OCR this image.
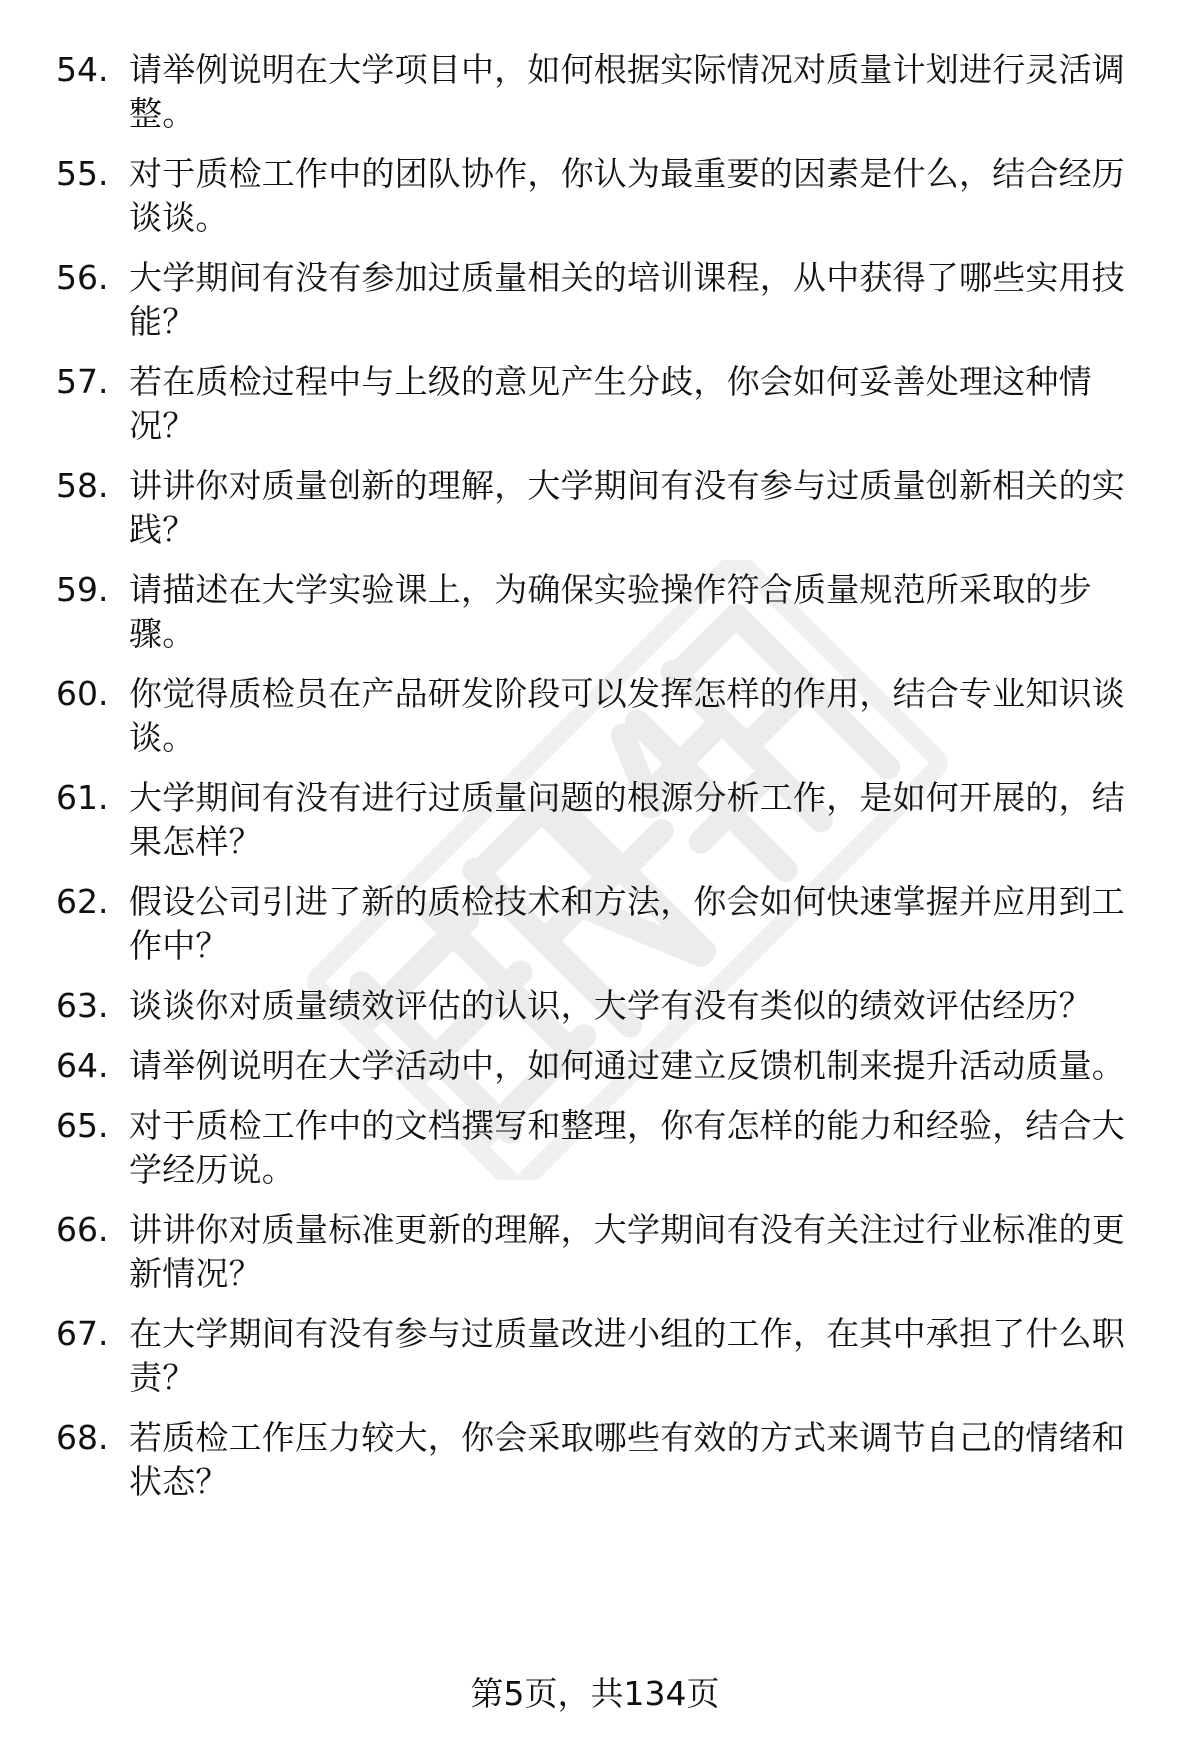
54. 请举例说明在大学项目中，如何根据实际情况对质量计划进行灵活调整。
55. 对于质检工作中的团队协作，你认为最重要的因素是什么，结合经历谈谈。
56. 大学期间有没有参加过质量相关的培训课程，从中获得了哪些实用技能？
57. 若在质检过程中与上级的意见产生分歧，你会如何妥善处理这种情况？
58. 讲讲你对质量创新的理解，大学期间有没有参与过质量创新相关的实践？
59. 请描述在大学实验课上，为确保实验操作符合质量规范所采取的步骤。
60. 你觉得质检员在产品研发阶段可以发挥怎样的作用，结合专业知识谈谈。
61. 大学期间有没有进行过质量问题的根源分析工作，是如何开展的，结果怎样？
62. 假设公司引进了新的质检技术和方法，你会如何快速掌握并应用到工作中？
63. 谈谈你对质量绩效评估的认识，大学有没有类似的绩效评估经历？
64. 请举例说明在大学活动中，如何通过建立反馈机制来提升活动质量。
65. 对于质检工作中的文档撰写和整理，你有怎样的能力和经验，结合大学经历说。
66. 讲讲你对质量标准更新的理解，大学期间有没有关注过行业标准的更新情况？
67. 在大学期间有没有参与过质量改进小组的工作，在其中承担了什么职责？
68. 若质检工作压力较大，你会采取哪些有效的方式来调节自己的情绪和状态？
第5页，共134页
